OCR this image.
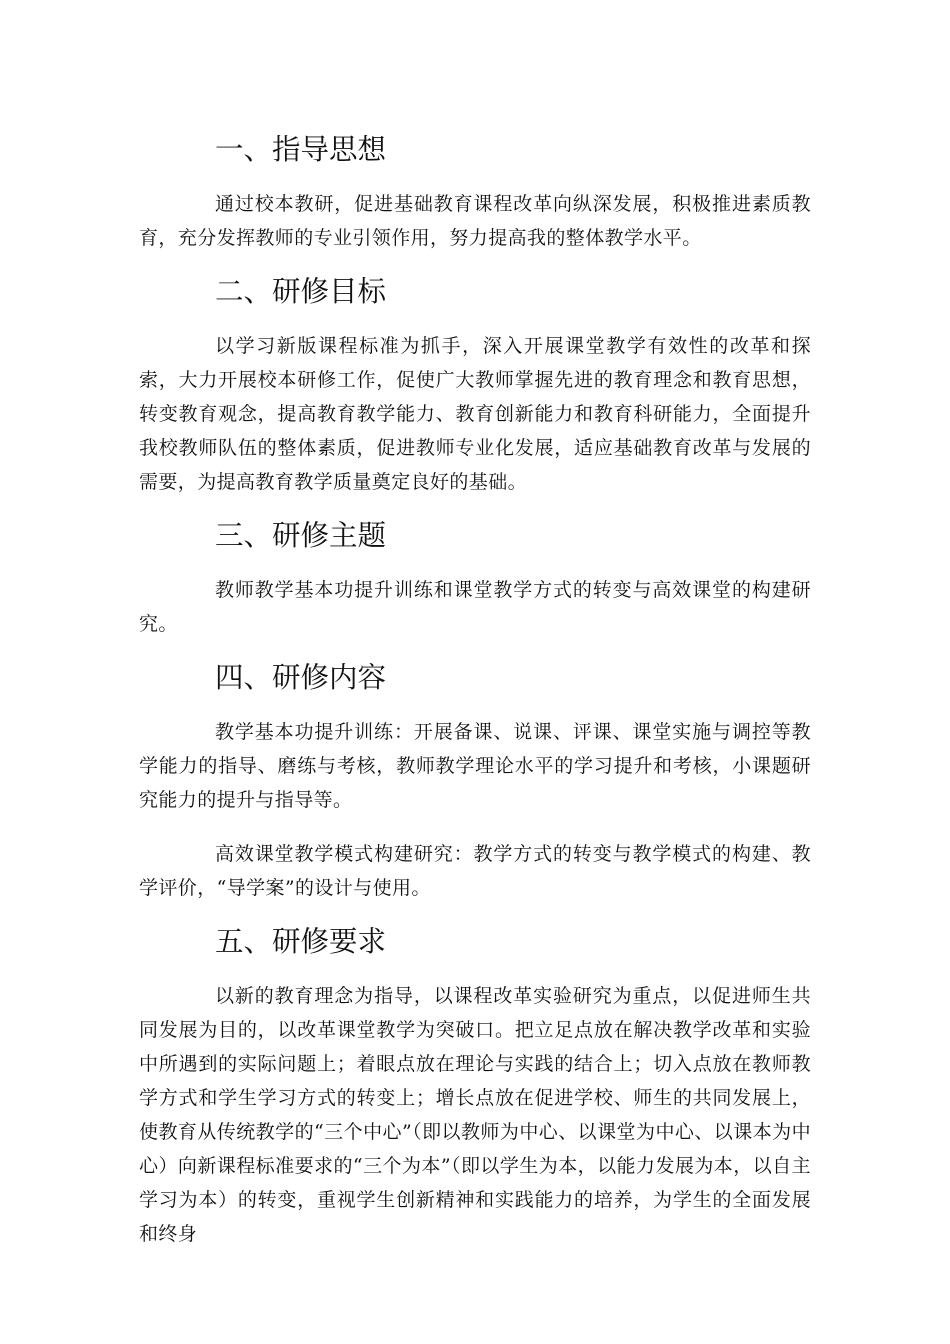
一、指导思想

通过校本教研，促进基础教育课程改革向纵深发展，积极推进素质教育，充分发挥教师的专业引领作用，努力提高我的整体教学水平。

二、研修目标

以学习新版课程标准为抓手，深入开展课堂教学有效性的改革和探索，大力开展校本研修工作，促使广大教师掌握先进的教育理念和教育思想，转变教育观念，提高教育教学能力、教育创新能力和教育科研能力，全面提升我校教师队伍的整体素质，促进教师专业化发展，适应基础教育改革与发展的需要，为提高教育教学质量奠定良好的基础。

三、研修主题

教师教学基本功提升训练和课堂教学方式的转变与高效课堂的构建研究。

四、研修内容

教学基本功提升训练：开展备课、说课、评课、课堂实施与调控等教学能力的指导、磨练与考核，教师教学理论水平的学习提升和考核，小课题研究能力的提升与指导等。

高效课堂教学模式构建研究：教学方式的转变与教学模式的构建、教学评价，“导学案”的设计与使用。

五、研修要求

以新的教育理念为指导，以课程改革实验研究为重点，以促进师生共同发展为目的，以改革课堂教学为突破口。把立足点放在解决教学改革和实验中所遇到的实际问题上；着眼点放在理论与实践的结合上；切入点放在教师教学方式和学生学习方式的转变上；增长点放在促进学校、师生的共同发展上，使教育从传统教学的“三个中心”（即以教师为中心、以课堂为中心、以课本为中心）向新课程标准要求的“三个为本”（即以学生为本，以能力发展为本，以自主学习为本）的转变，重视学生创新精神和实践能力的培养，为学生的全面发展和终身
